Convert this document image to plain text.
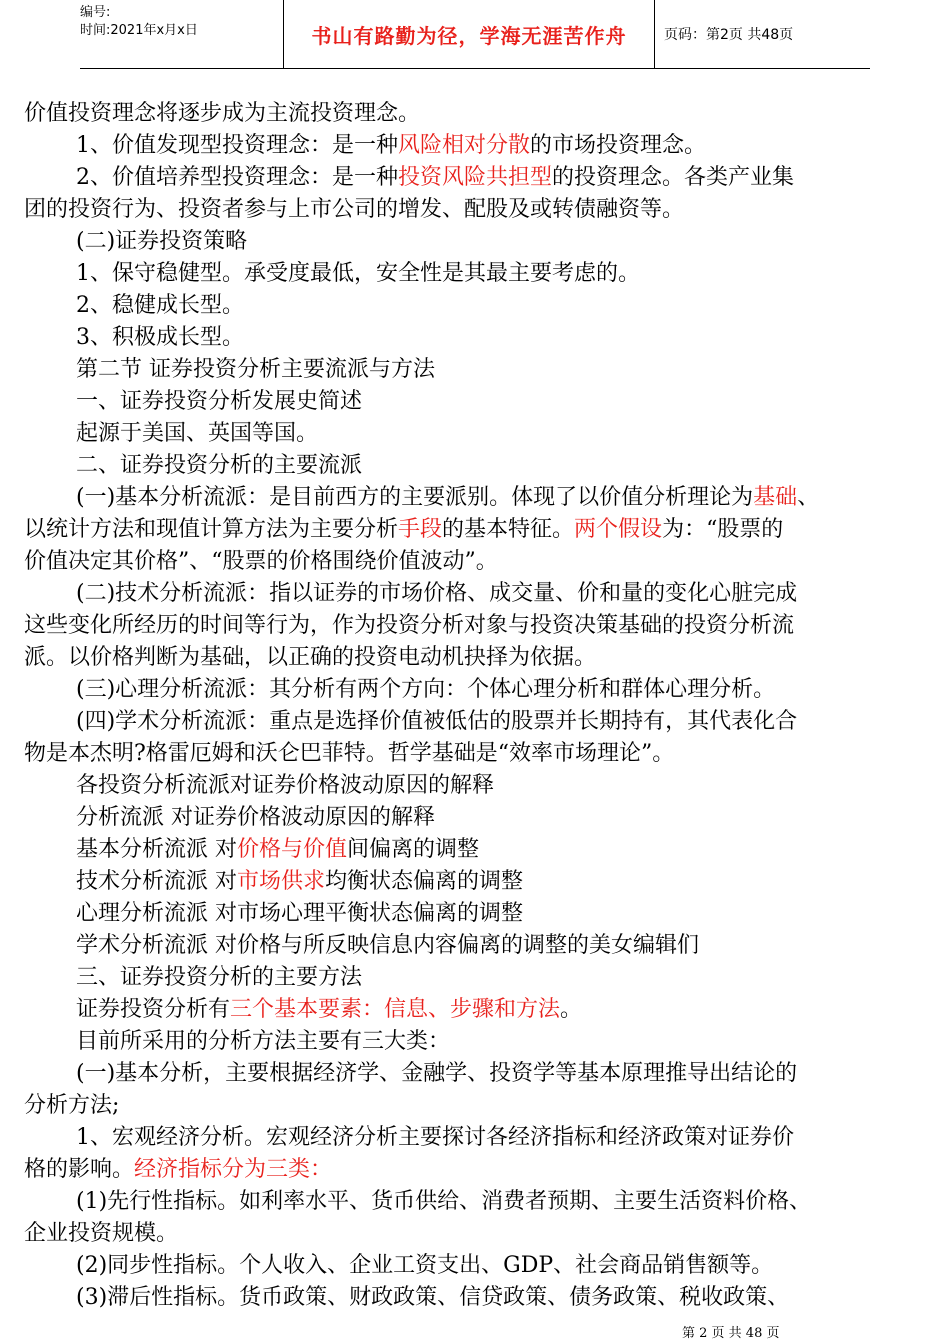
编号:
时间:2021年x月x日	书山有路勤为径，学海无涯苦作舟	页码：第2页 共48页

价值投资理念将逐步成为主流投资理念。

1、价值发现型投资理念：是一种风险相对分散的市场投资理念。

2、价值培养型投资理念：是一种投资风险共担型的投资理念。各类产业集

团的投资行为、投资者参与上市公司的增发、配股及或转债融资等。

(二)证券投资策略

1、保守稳健型。承受度最低，安全性是其最主要考虑的。

2、稳健成长型。

3、积极成长型。

第二节 证券投资分析主要流派与方法

一、证券投资分析发展史简述

起源于美国、英国等国。

二、证券投资分析的主要流派

(一)基本分析流派：是目前西方的主要派别。体现了以价值分析理论为基础、

以统计方法和现值计算方法为主要分析手段的基本特征。两个假设为：“股票的

价值决定其价格”、“股票的价格围绕价值波动”。

(二)技术分析流派：指以证券的市场价格、成交量、价和量的变化心脏完成

这些变化所经历的时间等行为，作为投资分析对象与投资决策基础的投资分析流

派。以价格判断为基础，以正确的投资电动机抉择为依据。

(三)心理分析流派：其分析有两个方向：个体心理分析和群体心理分析。

(四)学术分析流派：重点是选择价值被低估的股票并长期持有，其代表化合

物是本杰明?格雷厄姆和沃仑巴菲特。哲学基础是“效率市场理论”。

各投资分析流派对证券价格波动原因的解释

分析流派 对证券价格波动原因的解释

基本分析流派 对价格与价值间偏离的调整

技术分析流派 对市场供求均衡状态偏离的调整

心理分析流派 对市场心理平衡状态偏离的调整

学术分析流派 对价格与所反映信息内容偏离的调整的美女编辑们

三、证券投资分析的主要方法

证券投资分析有三个基本要素：信息、步骤和方法。

目前所采用的分析方法主要有三大类：

(一)基本分析，主要根据经济学、金融学、投资学等基本原理推导出结论的

分析方法;

1、宏观经济分析。宏观经济分析主要探讨各经济指标和经济政策对证券价

格的影响。经济指标分为三类：

(1)先行性指标。如利率水平、货币供给、消费者预期、主要生活资料价格、

企业投资规模。

(2)同步性指标。个人收入、企业工资支出、GDP、社会商品销售额等。

(3)滞后性指标。货币政策、财政政策、信贷政策、债务政策、税收政策、

第 2 页 共 48 页
